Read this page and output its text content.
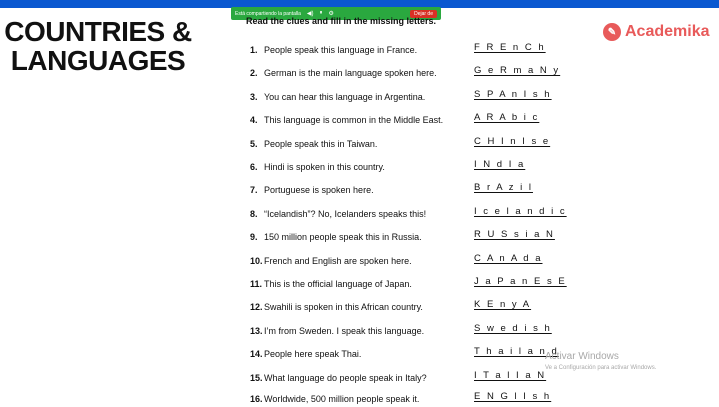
Está compartiendo la pantalla ◀) ⏸ ⚙	Dejar de
COUNTRIES &
LANGUAGES
Read the clues and fill in the missing letters.
✎ Academika
1. People speak this language in France.	F R E n C h
2. German is the main language spoken here.	G e R m a N y
3. You can hear this language in Argentina.	S P A n I s h
4. This language is common in the Middle East.	A R A b i c
5. People speak this in Taiwan.	C H I n I s e
6. Hindi is spoken in this country.	I N d I a
7. Portuguese is spoken here.	B r A z i l
8. “Icelandish”? No, Icelanders speaks this!	I c e l a n d i c
9. 150 million people speak this in Russia.	R U S s i a N
10. French and English are spoken here.	C A n A d a
11. This is the official language of Japan.	J a P a n E s E
12. Swahili is spoken in this African country.	K E n y A
13. I’m from Sweden. I speak this language.	S w e d i s h
14. People here speak Thai.	T h a i l a n d
15. What language do people speak in Italy?	I T a l I a N
16. Worldwide, 500 million people speak it.	E N G l I s h
Activar Windows
Ve a Configuración para activar Windows.
